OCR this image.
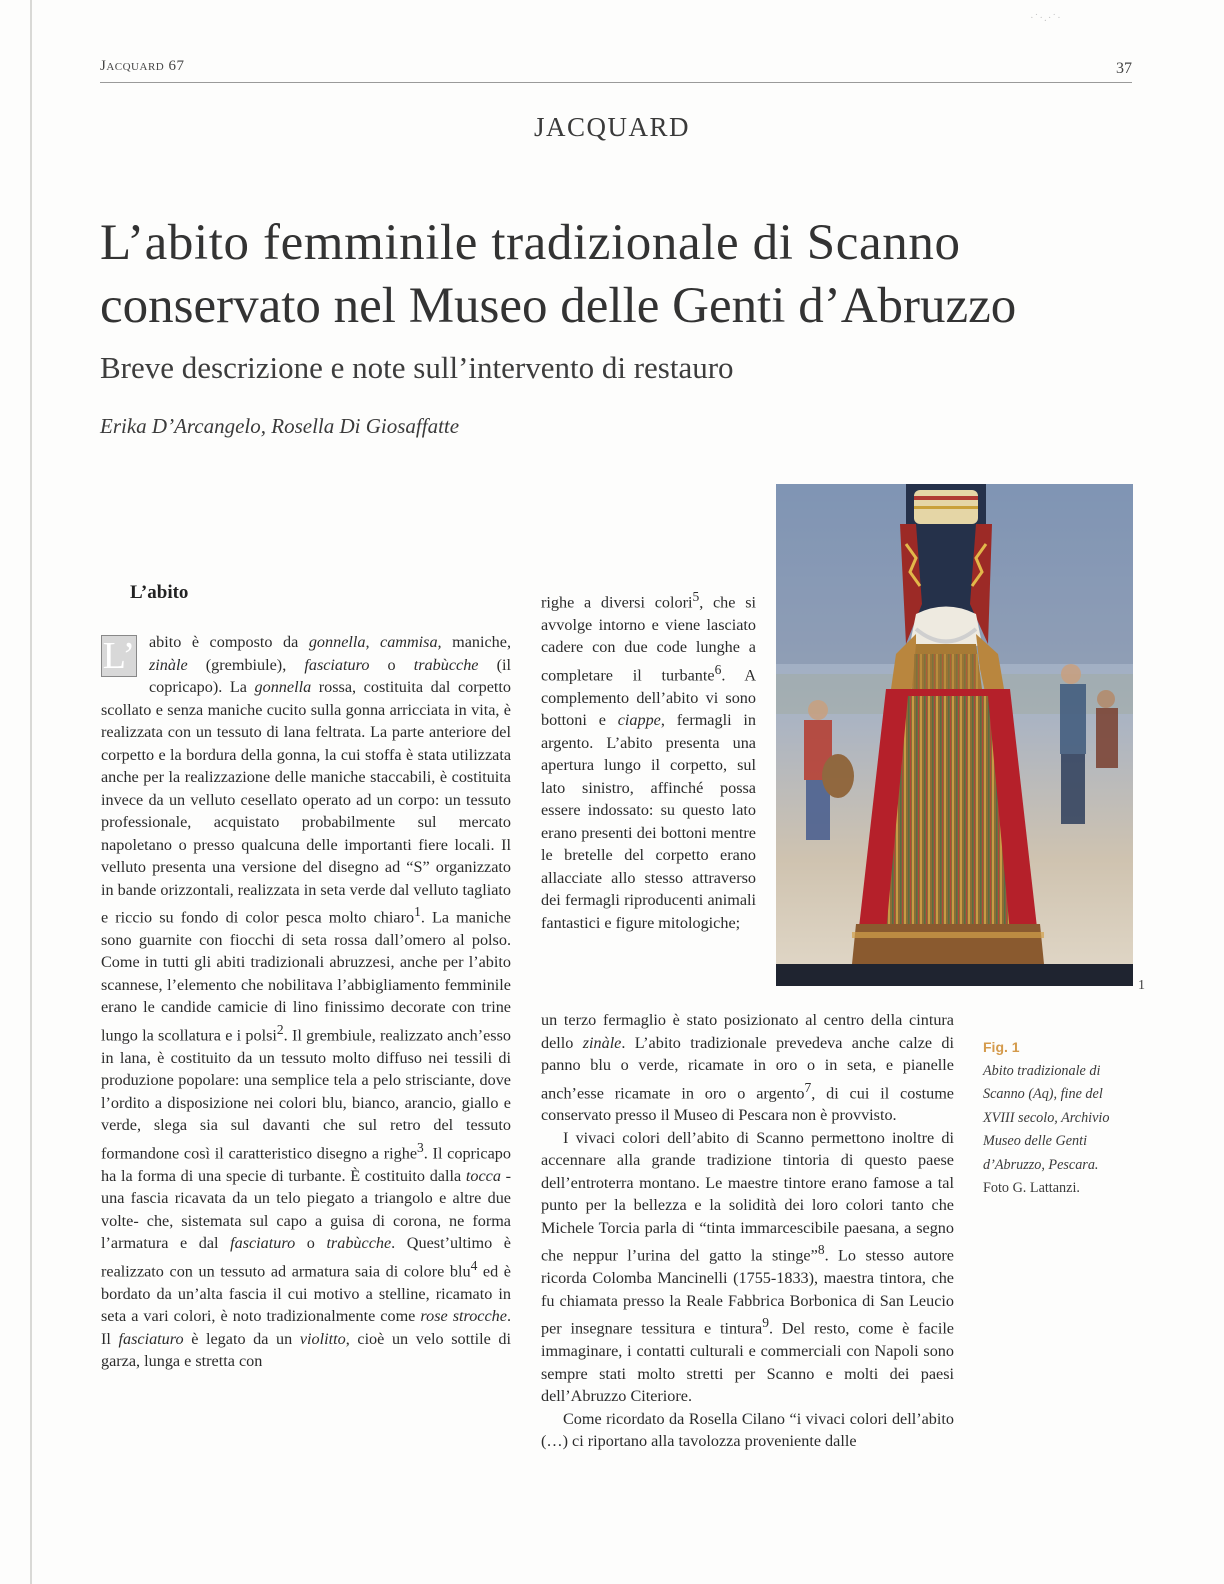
·˙·.·˙·
Jacquard 67	37
JACQUARD
L’abito femminile tradizionale di Scanno
conservato nel Museo delle Genti d’Abruzzo
Breve descrizione e note sull’intervento di restauro
Erika D’Arcangelo, Rosella Di Giosaffatte
L’abito

L’ abito è composto da gonnella, cammisa, maniche, zinàle (grembiule), fasciaturo o trabùcche (il copricapo). La gonnella rossa, costituita dal corpetto scollato e senza maniche cucito sulla gonna arricciata in vita, è realizzata con un tessuto di lana feltrata. La parte anteriore del corpetto e la bordura della gonna, la cui stoffa è stata utilizzata anche per la realizzazione delle maniche staccabili, è costituita invece da un velluto cesellato operato ad un corpo: un tessuto professionale, acquistato probabilmente sul mercato napoletano o presso qualcuna delle importanti fiere locali. Il velluto presenta una versione del disegno ad “S” organizzato in bande orizzontali, realizzata in seta verde dal velluto tagliato e riccio su fondo di color pesca molto chiaro$^1$. La maniche sono guarnite con fiocchi di seta rossa dall’omero al polso. Come in tutti gli abiti tradizionali abruzzesi, anche per l’abito scannese, l’elemento che nobilitava l’abbigliamento femminile erano le candide camicie di lino finissimo decorate con trine lungo la scollatura e i polsi$^2$. Il grembiule, realizzato anch’esso in lana, è costituito da un tessuto molto diffuso nei tessili di produzione popolare: una semplice tela a pelo strisciante, dove l’ordito a disposizione nei colori blu, bianco, arancio, giallo e verde, slega sia sul davanti che sul retro del tessuto formandone così il caratteristico disegno a righe$^3$. Il copricapo ha la forma di una specie di turbante. È costituito dalla tocca -una fascia ricavata da un telo piegato a triangolo e altre due volte- che, sistemata sul capo a guisa di corona, ne forma l’armatura e dal fasciaturo o trabùcche. Quest’ultimo è realizzato con un tessuto ad armatura saia di colore blu$^4$ ed è bordato da un’alta fascia il cui motivo a stelline, ricamato in seta a vari colori, è noto tradizionalmente come rose strocche. Il fasciaturo è legato da un violitto, cioè un velo sottile di garza, lunga e stretta con

righe a diversi colori$^5$, che si avvolge intorno e viene lasciato cadere con due code lunghe a completare il turbante$^6$. A complemento dell’abito vi sono bottoni e ciappe, fermagli in argento. L’abito presenta una apertura lungo il corpetto, sul lato sinistro, affinché possa essere indossato: su questo lato erano presenti dei bottoni mentre le bretelle del corpetto erano allacciate allo stesso attraverso dei fermagli riproducenti animali fantastici e figure mitologiche;

un terzo fermaglio è stato posizionato al centro della cintura dello zinàle. L’abito tradizionale prevedeva anche calze di panno blu o verde, ricamate in oro o in seta, e pianelle anch’esse ricamate in oro o argento$^7$, di cui il costume conservato presso il Museo di Pescara non è provvisto.

I vivaci colori dell’abito di Scanno permettono inoltre di accennare alla grande tradizione tintoria di questo paese dell’entroterra montano. Le maestre tintore erano famose a tal punto per la bellezza e la solidità dei loro colori tanto che Michele Torcia parla di “tinta immarcescibile paesana, a segno che neppur l’urina del gatto la stinge”$^8$. Lo stesso autore ricorda Colomba Mancinelli (1755-1833), maestra tintora, che fu chiamata presso la Reale Fabbrica Borbonica di San Leucio per insegnare tessitura e tintura$^9$. Del resto, come è facile immaginare, i contatti culturali e commerciali con Napoli sono sempre stati molto stretti per Scanno e molti dei paesi dell’Abruzzo Citeriore.

Come ricordato da Rosella Cilano “i vivaci colori dell’abito (…) ci riportano alla tavolozza proveniente dalle

1
Fig. 1
Abito tradizionale di Scanno (Aq), fine del XVIII secolo, Archivio Museo delle Genti d’Abruzzo, Pescara.
Foto G. Lattanzi.
